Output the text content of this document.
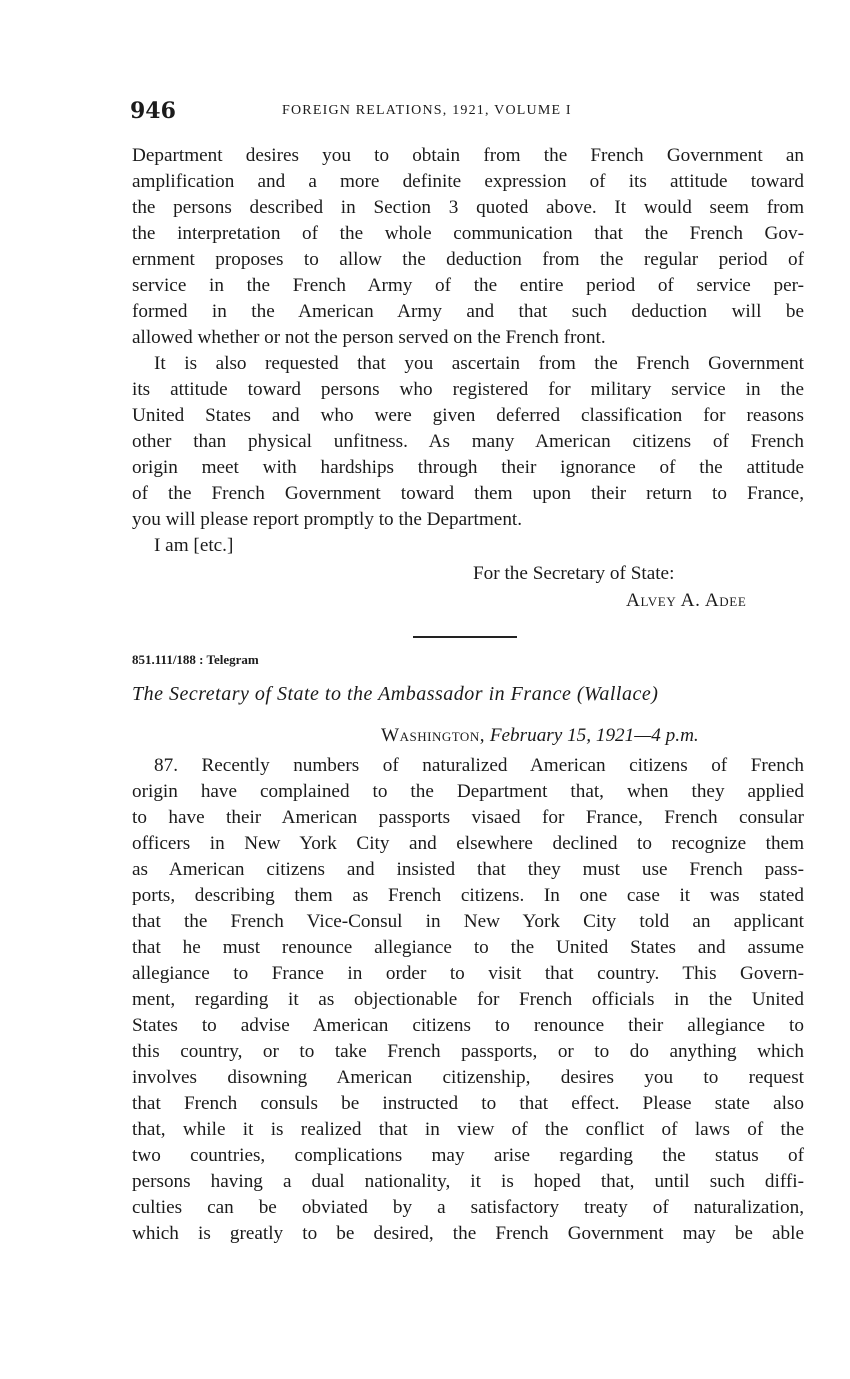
946	FOREIGN RELATIONS, 1921, VOLUME I
Department desires you to obtain from the French Government an
amplification and a more definite expression of its attitude toward
the persons described in Section 3 quoted above. It would seem from
the interpretation of the whole communication that the French Gov-
ernment proposes to allow the deduction from the regular period of
service in the French Army of the entire period of service per-
formed in the American Army and that such deduction will be
allowed whether or not the person served on the French front.
It is also requested that you ascertain from the French Government
its attitude toward persons who registered for military service in the
United States and who were given deferred classification for reasons
other than physical unfitness. As many American citizens of French
origin meet with hardships through their ignorance of the attitude
of the French Government toward them upon their return to France,
you will please report promptly to the Department.
I am [etc.]
For the Secretary of State:
Alvey A. Adee
851.111/188 : Telegram
The Secretary of State to the Ambassador in France (Wallace)
Washington, February 15, 1921—4 p.m.
87. Recently numbers of naturalized American citizens of French
origin have complained to the Department that, when they applied
to have their American passports visaed for France, French consular
officers in New York City and elsewhere declined to recognize them
as American citizens and insisted that they must use French pass-
ports, describing them as French citizens. In one case it was stated
that the French Vice-Consul in New York City told an applicant
that he must renounce allegiance to the United States and assume
allegiance to France in order to visit that country. This Govern-
ment, regarding it as objectionable for French officials in the United
States to advise American citizens to renounce their allegiance to
this country, or to take French passports, or to do anything which
involves disowning American citizenship, desires you to request
that French consuls be instructed to that effect. Please state also
that, while it is realized that in view of the conflict of laws of the
two countries, complications may arise regarding the status of
persons having a dual nationality, it is hoped that, until such diffi-
culties can be obviated by a satisfactory treaty of naturalization,
which is greatly to be desired, the French Government may be able
